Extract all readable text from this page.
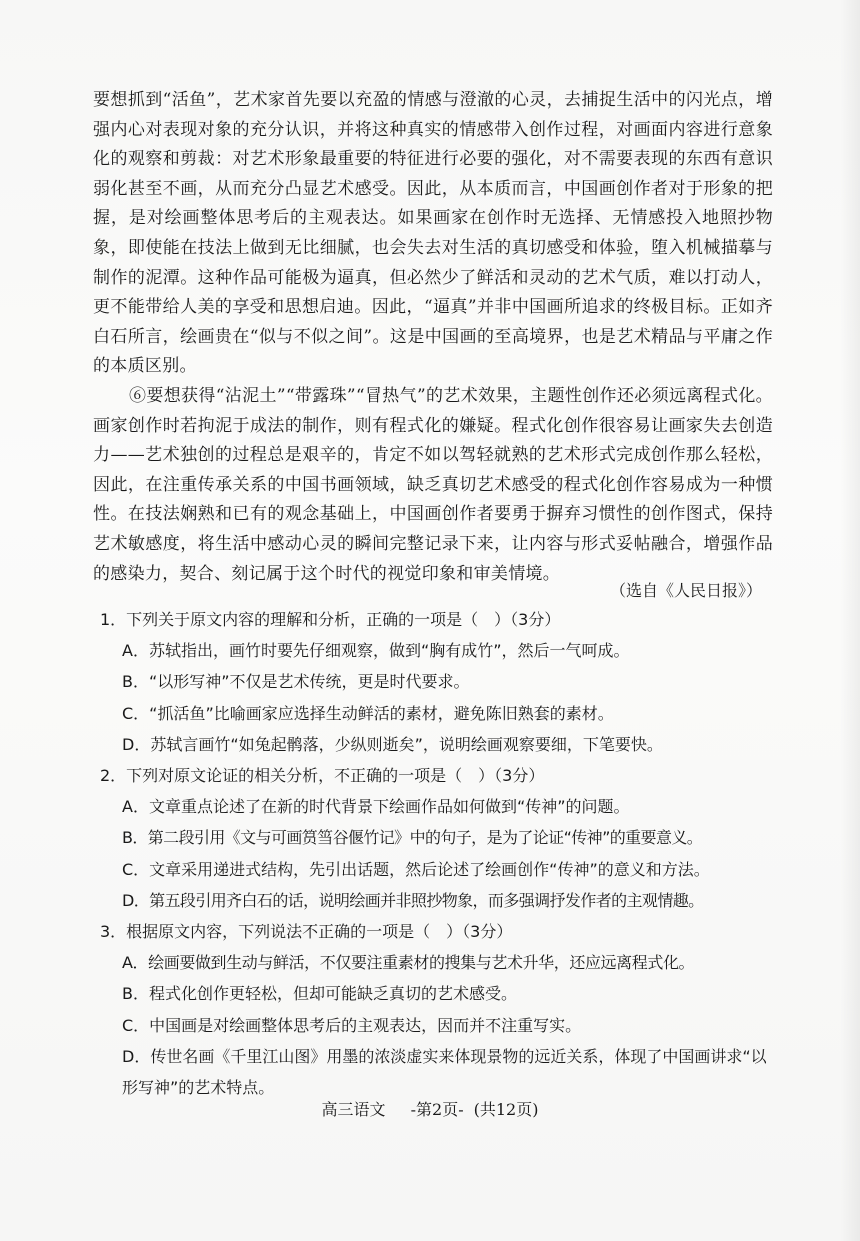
要想抓到“活鱼”，艺术家首先要以充盈的情感与澄澈的心灵，去捕捉生活中的闪光点，增强内心对表现对象的充分认识，并将这种真实的情感带入创作过程，对画面内容进行意象化的观察和剪裁：对艺术形象最重要的特征进行必要的强化，对不需要表现的东西有意识弱化甚至不画，从而充分凸显艺术感受。因此，从本质而言，中国画创作者对于形象的把握，是对绘画整体思考后的主观表达。如果画家在创作时无选择、无情感投入地照抄物象，即使能在技法上做到无比细腻，也会失去对生活的真切感受和体验，堕入机械描摹与制作的泥潭。这种作品可能极为逼真，但必然少了鲜活和灵动的艺术气质，难以打动人，更不能带给人美的享受和思想启迪。因此，“逼真”并非中国画所追求的终极目标。正如齐白石所言，绘画贵在“似与不似之间”。这是中国画的至高境界，也是艺术精品与平庸之作的本质区别。

⑥要想获得“沾泥土”“带露珠”“冒热气”的艺术效果，主题性创作还必须远离程式化。画家创作时若拘泥于成法的制作，则有程式化的嫌疑。程式化创作很容易让画家失去创造力——艺术独创的过程总是艰辛的，肯定不如以驾轻就熟的艺术形式完成创作那么轻松，因此，在注重传承关系的中国书画领域，缺乏真切艺术感受的程式化创作容易成为一种惯性。在技法娴熟和已有的观念基础上，中国画创作者要勇于摒弃习惯性的创作图式，保持艺术敏感度，将生活中感动心灵的瞬间完整记录下来，让内容与形式妥帖融合，增强作品的感染力，契合、刻记属于这个时代的视觉印象和审美情境。

（选自《人民日报》）

1．下列关于原文内容的理解和分析，正确的一项是（　）（3分）

A．苏轼指出，画竹时要先仔细观察，做到“胸有成竹”，然后一气呵成。

B．“以形写神”不仅是艺术传统，更是时代要求。

C．“抓活鱼”比喻画家应选择生动鲜活的素材，避免陈旧熟套的素材。

D．苏轼言画竹“如兔起鹘落，少纵则逝矣”，说明绘画观察要细，下笔要快。

2．下列对原文论证的相关分析，不正确的一项是（　）（3分）

A．文章重点论述了在新的时代背景下绘画作品如何做到“传神”的问题。

B．第二段引用《文与可画筼筜谷偃竹记》中的句子，是为了论证“传神”的重要意义。

C．文章采用递进式结构，先引出话题，然后论述了绘画创作“传神”的意义和方法。

D．第五段引用齐白石的话，说明绘画并非照抄物象，而多强调抒发作者的主观情趣。

3．根据原文内容，下列说法不正确的一项是（　）（3分）

A．绘画要做到生动与鲜活，不仅要注重素材的搜集与艺术升华，还应远离程式化。

B．程式化创作更轻松，但却可能缺乏真切的艺术感受。

C．中国画是对绘画整体思考后的主观表达，因而并不注重写实。

D．传世名画《千里江山图》用墨的浓淡虚实来体现景物的远近关系，体现了中国画讲求“以形写神”的艺术特点。

高三语文 -第2页- (共12页)
